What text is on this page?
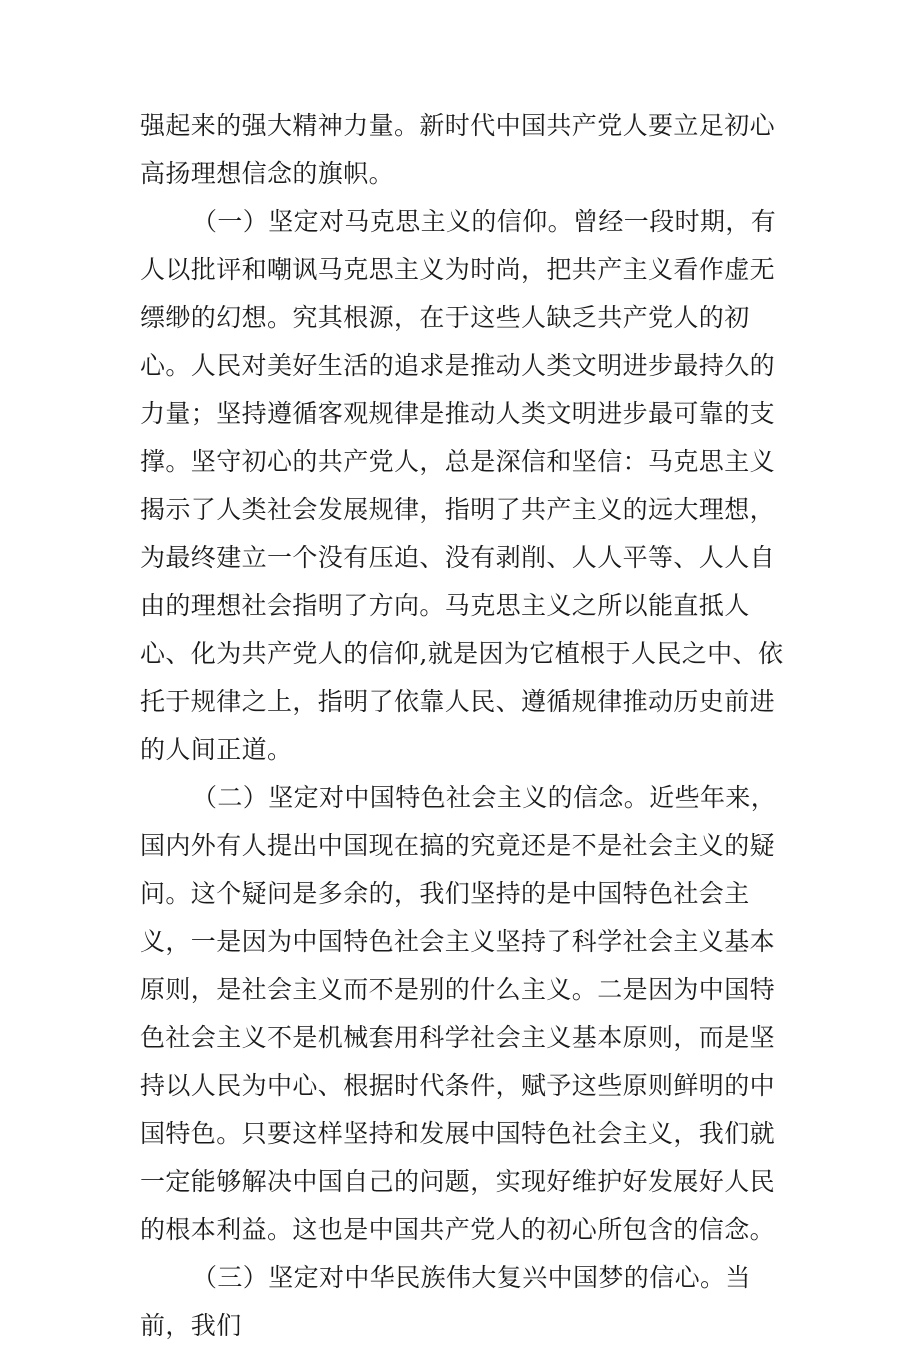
强起来的强大精神力量。新时代中国共产党人要立足初心高扬理想信念的旗帜。

（一）坚定对马克思主义的信仰。曾经一段时期，有人以批评和嘲讽马克思主义为时尚，把共产主义看作虚无缥缈的幻想。究其根源，在于这些人缺乏共产党人的初心。人民对美好生活的追求是推动人类文明进步最持久的力量；坚持遵循客观规律是推动人类文明进步最可靠的支撑。坚守初心的共产党人，总是深信和坚信：马克思主义揭示了人类社会发展规律，指明了共产主义的远大理想，为最终建立一个没有压迫、没有剥削、人人平等、人人自由的理想社会指明了方向。马克思主义之所以能直抵人心、化为共产党人的信仰,就是因为它植根于人民之中、依托于规律之上，指明了依靠人民、遵循规律推动历史前进的人间正道。

（二）坚定对中国特色社会主义的信念。近些年来，国内外有人提出中国现在搞的究竟还是不是社会主义的疑问。这个疑问是多余的，我们坚持的是中国特色社会主义，一是因为中国特色社会主义坚持了科学社会主义基本原则，是社会主义而不是别的什么主义。二是因为中国特色社会主义不是机械套用科学社会主义基本原则，而是坚持以人民为中心、根据时代条件，赋予这些原则鲜明的中国特色。只要这样坚持和发展中国特色社会主义，我们就一定能够解决中国自己的问题，实现好维护好发展好人民的根本利益。这也是中国共产党人的初心所包含的信念。

（三）坚定对中华民族伟大复兴中国梦的信心。当前，我们
